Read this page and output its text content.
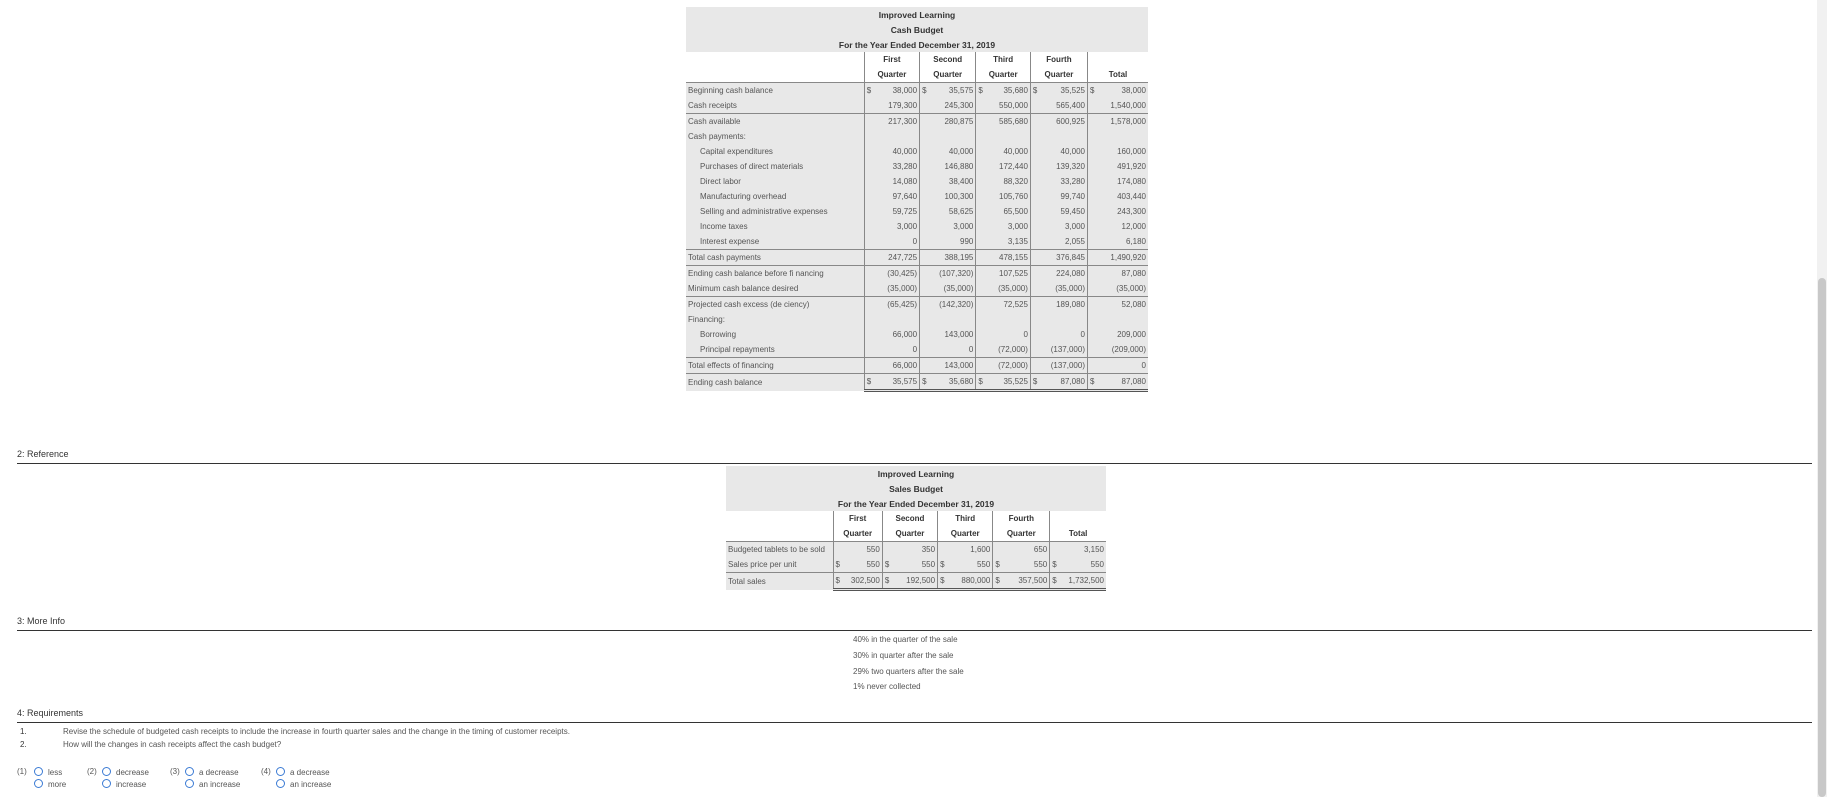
Improved Learning										
Cash Budget										
For the Year Ended December 31, 2019										
	First		Second		Third		Fourth			
	Quarter		Quarter		Quarter		Quarter		Total	
Beginning cash balance	$	38,000	$	35,575	$	35,680	$	35,525	$	38,000
Cash receipts		179,300		245,300		550,000		565,400		1,540,000
Cash available		217,300		280,875		585,680		600,925		1,578,000
Cash payments:										
Capital expenditures		40,000		40,000		40,000		40,000		160,000
Purchases of direct materials		33,280		146,880		172,440		139,320		491,920
Direct labor		14,080		38,400		88,320		33,280		174,080
Manufacturing overhead		97,640		100,300		105,760		99,740		403,440
Selling and administrative expenses		59,725		58,625		65,500		59,450		243,300
Income taxes		3,000		3,000		3,000		3,000		12,000
Interest expense		0		990		3,135		2,055		6,180
Total cash payments		247,725		388,195		478,155		376,845		1,490,920
Ending cash balance before fi nancing		(30,425)		(107,320)		107,525		224,080		87,080
Minimum cash balance desired		(35,000)		(35,000)		(35,000)		(35,000)		(35,000)
Projected cash excess (de ciency)		(65,425)		(142,320)		72,525		189,080		52,080
Financing:										
Borrowing		66,000		143,000		0		0		209,000
Principal repayments		0		0		(72,000)		(137,000)		(209,000)
Total effects of financing		66,000		143,000		(72,000)		(137,000)		0
Ending cash balance	$	35,575	$	35,680	$	35,525	$	87,080	$	87,080
2: Reference
Improved Learning										
Sales Budget										
For the Year Ended December 31, 2019										
	First		Second		Third		Fourth			
	Quarter		Quarter		Quarter		Quarter		Total	
Budgeted tablets to be sold		550		350		1,600		650		3,150
Sales price per unit	$	550	$	550	$	550	$	550	$	550
Total sales	$	302,500	$	192,500	$	880,000	$	357,500	$	1,732,500
3: More Info
40% in the quarter of the sale
30% in quarter after the sale
29% two quarters after the sale
1% never collected
4: Requirements
1.	Revise the schedule of budgeted cash receipts to include the increase in fourth quarter sales and the change in the timing of customer receipts.
2.	How will the changes in cash receipts affect the cash budget?
(1)	less
more
(2)	decrease
increase
(3)	a decrease
an increase
(4)	a decrease
an increase
